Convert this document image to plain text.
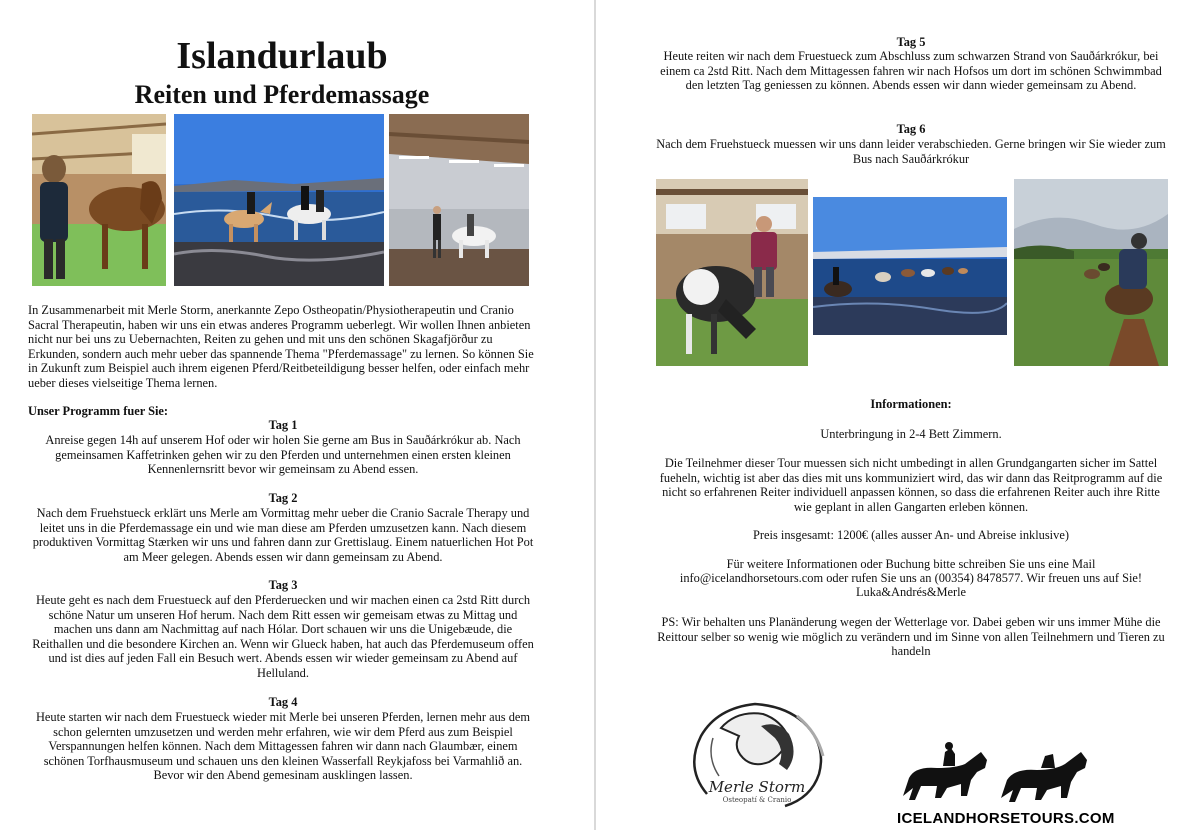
Islandurlaub
Reiten und Pferdemassage

In Zusammenarbeit mit Merle Storm, anerkannte Zepo Ostheopatin/Physiotherapeutin und Cranio Sacral Therapeutin, haben wir uns ein etwas anderes Programm ueberlegt. Wir wollen Ihnen anbieten nicht nur bei uns zu Uebernachten, Reiten zu gehen und mit uns den schönen Skagafjörður zu Erkunden, sondern auch mehr ueber das spannende Thema "Pferdemassage" zu lernen. So können Sie in Zukunft zum Beispiel auch ihrem eigenen Pferd/Reitbeteildigung besser helfen, oder einfach mehr ueber dieses vielseitige Thema lernen.

Unser Programm fuer Sie:

Tag 1

Anreise gegen 14h auf unserem Hof oder wir holen Sie gerne am Bus in Sauðárkrókur ab. Nach gemeinsamen Kaffetrinken gehen wir zu den Pferden und unternehmen einen ersten kleinen Kennenlernsritt bevor wir gemeinsam zu Abend essen.

Tag 2

Nach dem Fruehstueck erklärt uns Merle am Vormittag mehr ueber die Cranio Sacrale Therapy und leitet uns in die Pferdemassage ein und wie man diese am Pferden umzusetzen kann. Nach diesem produktiven Vormittag Stærken wir uns und fahren dann zur Grettislaug. Einem natuerlichen Hot Pot am Meer gelegen. Abends essen wir dann gemeinsam zu Abend.

Tag 3

Heute geht es nach dem Fruestueck auf den Pferderuecken und wir machen einen ca 2std Ritt durch schöne Natur um unseren Hof herum. Nach dem Ritt essen wir gemeisam etwas zu Mittag und machen uns dann am Nachmittag auf nach Hólar. Dort schauen wir uns die Unigebæude, die Reithallen und die besondere Kirchen an. Wenn wir Glueck haben, hat auch das Pferdemuseum offen und ist dies auf jeden Fall ein Besuch wert. Abends essen wir wieder gemeinsam zu Abend auf Helluland.

Tag 4

Heute starten wir nach dem Fruestueck wieder mit Merle bei unseren Pferden, lernen mehr aus dem schon gelernten umzusetzen und werden mehr erfahren, wie wir dem Pferd aus zum Beispiel Verspannungen helfen können. Nach dem Mittagessen fahren wir dann nach Glaumbær, einem schönen Torfhausmuseum und schauen uns den kleinen Wasserfall Reykjafoss bei Varmahlið an. Bevor wir den Abend gemesinam ausklingen lassen.

Tag 5

Heute reiten wir nach dem Fruestueck zum Abschluss zum schwarzen Strand von Sauðárkrókur, bei einem ca 2std Ritt. Nach dem Mittagessen fahren wir nach Hofsos um dort im schönen Schwimmbad den letzten Tag geniessen zu können. Abends essen wir dann wieder gemeinsam zu Abend.

Tag 6

Nach dem Fruehstueck muessen wir uns dann leider verabschieden. Gerne bringen wir Sie wieder zum Bus nach Sauðárkrókur

Informationen:

Unterbringung in 2-4 Bett Zimmern.

Die Teilnehmer dieser Tour muessen sich nicht umbedingt in allen Grundgangarten sicher im Sattel fueheln, wichtig ist aber das dies mit uns kommuniziert wird, das wir dann das Reitprogramm auf die nicht so erfahrenen Reiter individuell anpassen können, so dass die erfahrenen Reiter auch ihre Ritte wie geplant in allen Gangarten erleben können.

Preis insgesamt: 1200€ (alles ausser An- und Abreise inklusive)

Für weitere Informationen oder Buchung bitte schreiben Sie uns eine Mail

info@icelandhorsetours.com oder rufen Sie uns an (00354) 8478577. Wir freuen uns auf Sie!

Luka&Andrés&Merle

PS: Wir behalten uns Planänderung wegen der Wetterlage vor. Dabei geben wir uns immer Mühe die Reittour selber so wenig wie möglich zu verändern und im Sinne von allen Teilnehmern und Tieren zu handeln

Merle Storm
Osteopatí & Cranio
ICELANDHORSETOURS.COM
